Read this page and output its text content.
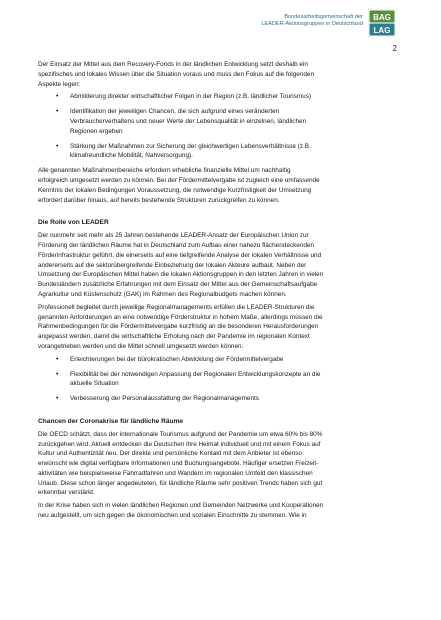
Bundesarbeitsgemeinschaft der
LEADER-Aktionsgruppen in Deutschland
BAG
LAG
2

Der Einsatz der Mittel aus dem Recovery-Fonds in der ländlichen Entwicklung setzt deshalb ein

spezifisches und lokales Wissen über die Situation voraus und muss den Fokus auf die folgenden

Aspekte legen:

• Abmilderung direkter wirtschaftlicher Folgen in der Region (z.B. ländlicher Tourismus)
• Identifikation der jeweiligen Chancen, die sich aufgrund eines veränderten
Verbraucherverhaltens und neuer Werte der Lebensqualität in einzelnen, ländlichen
Regionen ergeben
• Stärkung der Maßnahmen zur Sicherung der gleichwertigen Lebensverhältnisse (z.B.
klimafreundliche Mobilität, Nahversorgung).

Alle genannten Maßnahmenbereiche erfordern erhebliche finanzielle Mittel um nachhaltig

erfolgreich umgesetzt werden zu können. Bei der Fördermittelvergabe ist zugleich eine umfassende

Kenntnis der lokalen Bedingungen Voraussetzung, die notwendige Kurzfristigkeit der Umsetzung

erfordert darüber hinaus, auf bereits bestehende Strukturen zurückgreifen zu können.

Die Rolle von LEADER

Der nunmehr seit mehr als 25 Jahren bestehende LEADER-Ansatz der Europäischen Union zur

Förderung der ländlichen Räume hat in Deutschland zum Aufbau einer nahezu flächendeckenden

Förderinfrastruktur geführt, die einerseits auf eine tiefgreifende Analyse der lokalen Verhältnisse und

andererseits auf die sektorübergreifende Einbeziehung der lokalen Akteure aufbaut. Neben der

Umsetzung der Europäischen Mittel haben die lokalen Aktionsgruppen in den letzten Jahren in vielen

Bundesländern zusätzliche Erfahrungen mit dem Einsatz der Mittel aus der Gemeinschaftsaufgabe

Agrarkultur und Küstenschutz (GAK) im Rahmen des Regionalbudgets machen können.

Professionell begleitet durch jeweilige Regionalmanagements erfüllen die LEADER-Strukturen die

genannten Anforderungen an eine notwendige Förderstruktur in hohem Maße, allerdings müssen die

Rahmenbedingungen für die Fördermittelvergabe kurzfristig an die besonderen Herausforderungen

angepasst werden, damit die wirtschaftliche Erholung nach der Pandemie im regionalen Kontext

vorangetrieben werden und die Mittel schnell umgesetzt werden können:

• Erleichterungen bei der bürokratischen Abwicklung der Fördermittelvergabe
• Flexibilität bei der notwendigen Anpassung der Regionalen Entwicklungskonzepte an die
aktuelle Situation
• Verbesserung der Personalausstattung der Regionalmanagements

Chancen der Coronakrise für ländliche Räume

Die OECD schätzt, dass der internationale Tourismus aufgrund der Pandemie um etwa 60% bis 80%

zurückgehen wird. Aktuell entdecken die Deutschen ihre Heimat individuell und mit einem Fokus auf

Kultur und Authentizität neu. Der direkte und persönliche Kontakt mit dem Anbieter ist ebenso

erwünscht wie digital verfügbare Informationen und Buchungsangebote. Häufiger ersetzen Freizeit-

aktivitäten wie beispielsweise Fahrradfahren und Wandern im regionalen Umfeld den klassischen

Urlaub. Diese schon länger angedeuteten, für ländliche Räume sehr positiven Trends haben sich gut

erkennbar verstärkt.

In der Krise haben sich in vielen ländlichen Regionen und Gemeinden Netzwerke und Kooperationen

neu aufgestellt, um sich gegen die ökonomischen und sozialen Einschnitte zu stemmen. Wie in
